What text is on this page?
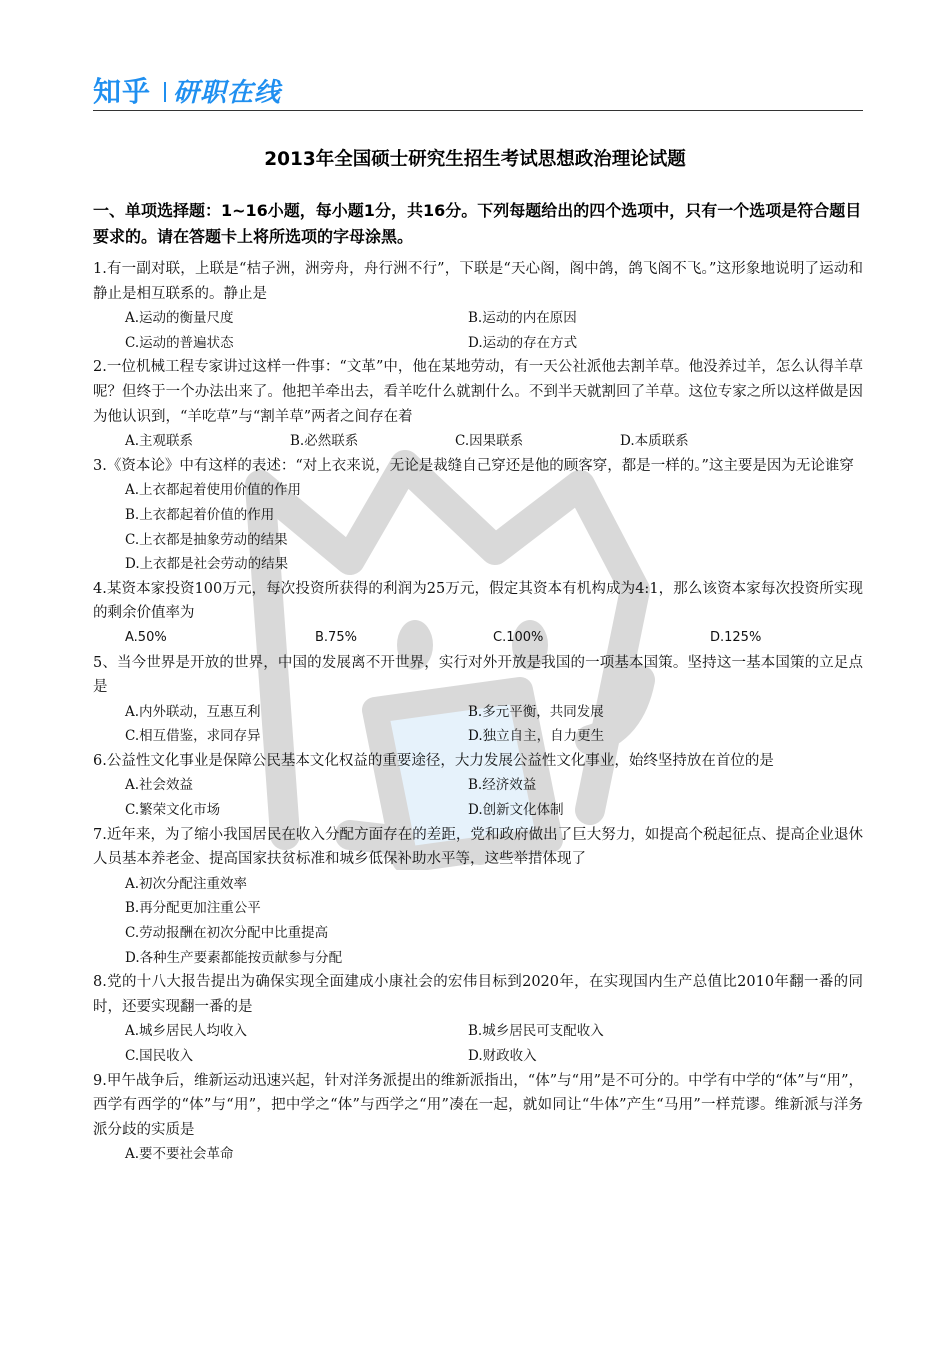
知乎 研职在线
2013年全国硕士研究生招生考试思想政治理论试题
一、单项选择题：1~16小题，每小题1分，共16分。下列每题给出的四个选项中，只有一个选项是符合题目要求的。请在答题卡上将所选项的字母涂黑。
1.有一副对联，上联是“桔子洲，洲旁舟，舟行洲不行”，下联是“天心阁，阁中鸽，鸽飞阁不飞。”这形象地说明了运动和静止是相互联系的。静止是
A.运动的衡量尺度	B.运动的内在原因
C.运动的普遍状态	D.运动的存在方式
2.一位机械工程专家讲过这样一件事：“文革”中，他在某地劳动，有一天公社派他去割羊草。他没养过羊，怎么认得羊草呢？但终于一个办法出来了。他把羊牵出去，看羊吃什么就割什么。不到半天就割回了羊草。这位专家之所以这样做是因为他认识到，“羊吃草”与“割羊草”两者之间存在着
A.主观联系	B.必然联系	C.因果联系	D.本质联系
3.《资本论》中有这样的表述：“对上衣来说，无论是裁缝自己穿还是他的顾客穿，都是一样的。”这主要是因为无论谁穿
A.上衣都起着使用价值的作用
B.上衣都起着价值的作用
C.上衣都是抽象劳动的结果
D.上衣都是社会劳动的结果
4.某资本家投资100万元，每次投资所获得的利润为25万元，假定其资本有机构成为4:1，那么该资本家每次投资所实现的剩余价值率为
A.50%	B.75%	C.100%	D.125%
5、当今世界是开放的世界，中国的发展离不开世界，实行对外开放是我国的一项基本国策。坚持这一基本国策的立足点是
A.内外联动，互惠互利	B.多元平衡，共同发展
C.相互借鉴，求同存异	D.独立自主，自力更生
6.公益性文化事业是保障公民基本文化权益的重要途径，大力发展公益性文化事业，始终坚持放在首位的是
A.社会效益	B.经济效益
C.繁荣文化市场	D.创新文化体制
7.近年来，为了缩小我国居民在收入分配方面存在的差距，党和政府做出了巨大努力，如提高个税起征点、提高企业退休人员基本养老金、提高国家扶贫标准和城乡低保补助水平等，这些举措体现了
A.初次分配注重效率
B.再分配更加注重公平
C.劳动报酬在初次分配中比重提高
D.各种生产要素都能按贡献参与分配
8.党的十八大报告提出为确保实现全面建成小康社会的宏伟目标到2020年，在实现国内生产总值比2010年翻一番的同时，还要实现翻一番的是
A.城乡居民人均收入	B.城乡居民可支配收入
C.国民收入	D.财政收入
9.甲午战争后，维新运动迅速兴起，针对洋务派提出的维新派指出，“体”与“用”是不可分的。中学有中学的“体”与“用”，西学有西学的“体”与“用”，把中学之“体”与西学之“用”凑在一起，就如同让“牛体”产生“马用”一样荒谬。维新派与洋务派分歧的实质是
A.要不要社会革命
